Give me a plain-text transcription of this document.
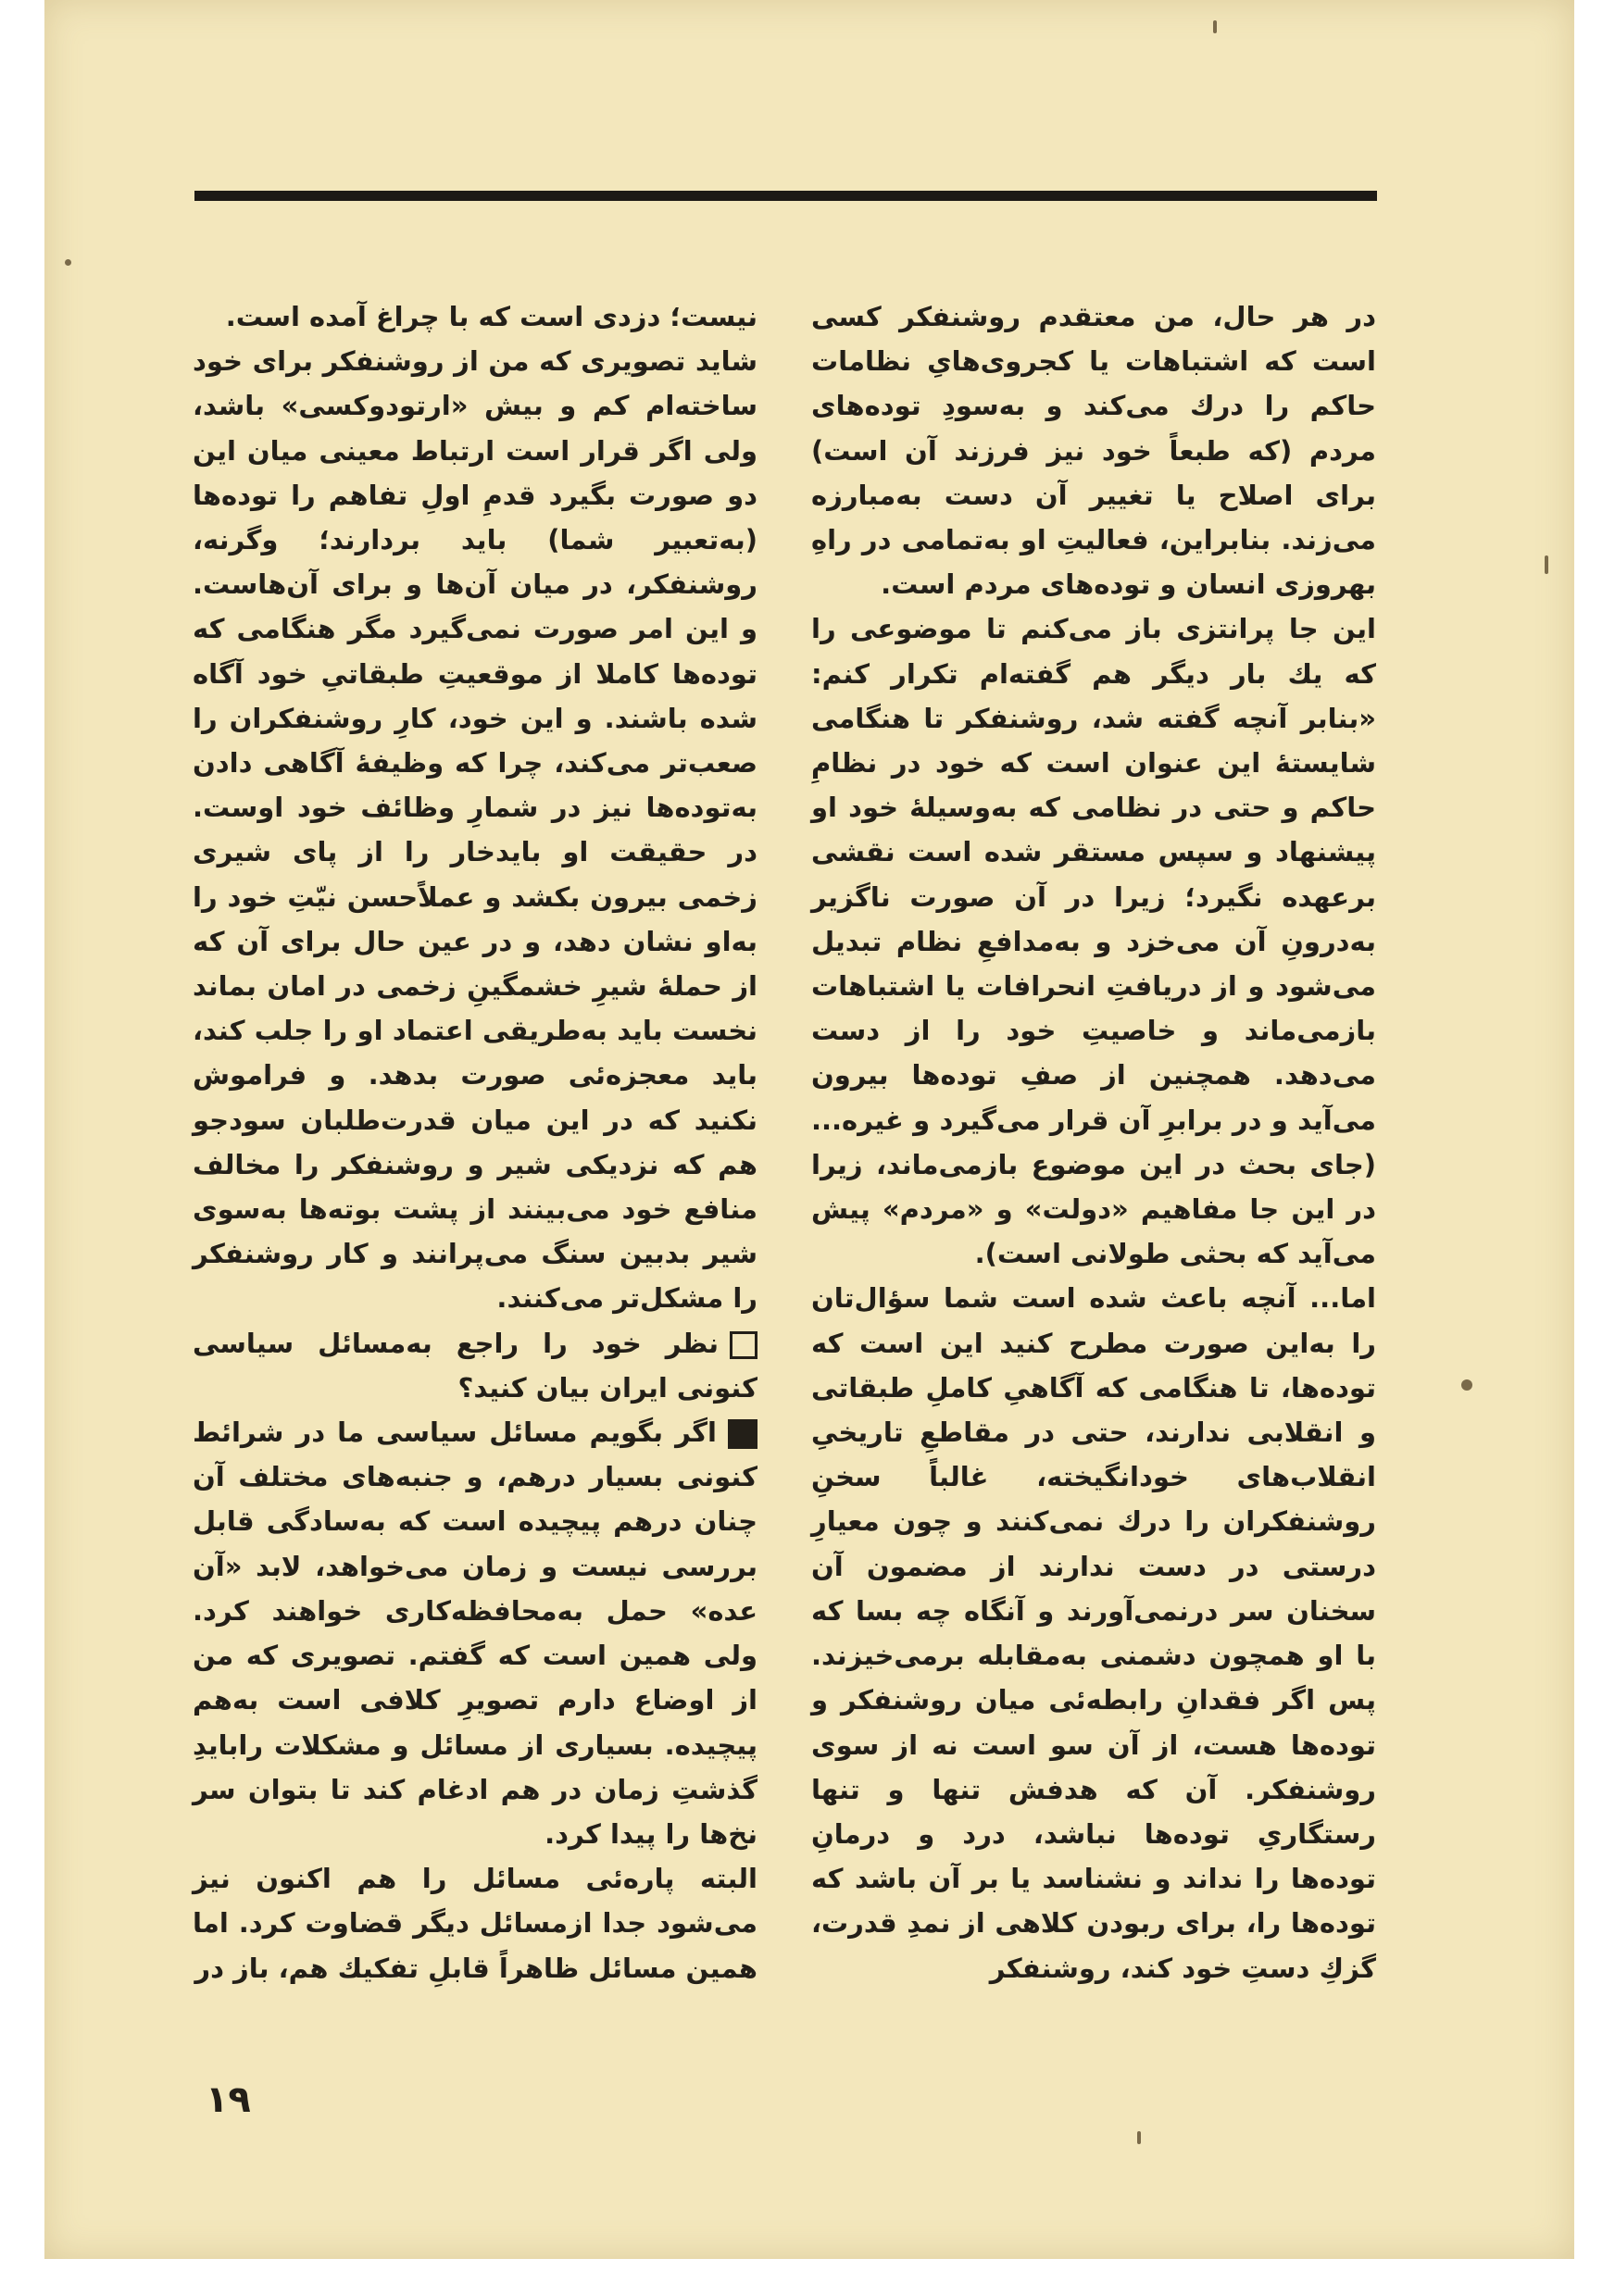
در هر حال، من معتقدم روشنفکر کسی است که اشتباهات یا کجروی‌هایِ نظامات حاکم را درك می‌کند و به‌سودِ توده‌های مردم (که طبعاً خود نیز فرزند آن است) برای اصلاح یا تغییر آن دست به‌مبارزه می‌زند. بنابراین، فعالیتِ او به‌تمامی در راهِ بهروزی انسان و توده‌های مردم است.

این جا پرانتزی باز می‌کنم تا موضوعی را که یك بار دیگر هم گفته‌ام تکرار کنم: «بنابر آنچه گفته شد، روشنفکر تا هنگامی شایستهٔ این عنوان است که خود در نظامِ حاکم و حتی در نظامی که به‌وسیلهٔ خود او پیشنهاد و سپس مستقر شده است نقشی برعهده نگیرد؛ زیرا در آن صورت ناگزیر به‌درونِ آن می‌خزد و به‌مدافعِ نظام تبدیل می‌شود و از دریافتِ انحرافات یا اشتباهات بازمی‌ماند و خاصیتِ خود را از دست می‌دهد. همچنین از صفِ توده‌ها بیرون می‌آید و در برابرِ آن قرار می‌گیرد و غیره... (جای بحث در این موضوع بازمی‌ماند، زیرا در این جا مفاهیم «دولت» و «مردم» پیش می‌آید که بحثی طولانی است).

اما... آنچه باعث شده است شما سؤال‌تان را به‌این صورت مطرح کنید این است که توده‌ها، تا هنگامی که آگاهیِ کاملِ طبقاتی و انقلابی ندارند، حتی در مقاطعِ تاریخیِ انقلاب‌های خودانگیخته، غالباً سخنِ روشنفکران را درك نمی‌کنند و چون معیارِ درستی در دست ندارند از مضمون آن سخنان سر درنمی‌آورند و آنگاه چه بسا که با او همچون دشمنی به‌مقابله برمی‌خیزند. پس اگر فقدانِ رابطه‌ئی میان روشنفکر و توده‌ها هست، از آن سو است نه از سوی روشنفکر. آن که هدفش تنها و تنها رستگاریِ توده‌ها نباشد، درد و درمانِ توده‌ها را نداند و نشناسد یا بر آن باشد که توده‌ها را، برای ربودن کلاهی از نمدِ قدرت، گزكِ دستِ خود کند، روشنفکر

نیست؛ دزدی است که با چراغ آمده است.

شاید تصویری که من از روشنفکر برای خود ساخته‌ام کم و بیش «ارتودوکسی» باشد، ولی اگر قرار است ارتباط معینی میان این دو صورت بگیرد قدمِ اولِ تفاهم را توده‌ها (به‌تعبیر شما) باید بردارند؛ وگرنه، روشنفکر، در میان آن‌ها و برای آن‌هاست. و این امر صورت نمی‌گیرد مگر هنگامی که توده‌ها کاملا از موقعیتِ طبقاتیِ خود آگاه شده باشند. و این خود، کارِ روشنفکران را صعب‌تر می‌کند، چرا که وظیفهٔ آگاهی دادن به‌توده‌ها نیز در شمارِ وظائف خود اوست. در حقیقت او بایدخار را از پای شیری زخمی بیرون بکشد و عملاًحسن نیّتِ خود را به‌او نشان دهد، و در عین حال برای آن که از حملهٔ شیرِ خشمگینِ زخمی در امان بماند نخست باید به‌طریقی اعتماد او را جلب کند، باید معجزه‌ئی صورت بدهد. و فراموش نکنید که در این میان قدرت‌طلبان سودجو هم که نزدیکی شیر و روشنفکر را مخالف منافع خود می‌بینند از پشت بوته‌ها به‌سوی شیر بدبین سنگ می‌پرانند و کار روشنفکر را مشکل‌تر می‌کنند.

نظر خود را راجع به‌مسائل سیاسی کنونی ایران بیان کنید؟

اگر بگویم مسائل سیاسی ما در شرائط کنونی بسیار درهم، و جنبه‌های مختلف آن چنان درهم پیچیده است که به‌سادگی قابل بررسی نیست و زمان می‌خواهد، لابد «آن عده» حمل به‌محافظه‌کاری خواهند کرد. ولی همین است که گفتم. تصویری که من از اوضاع دارم تصویرِ کلافی است به‌هم پیچیده. بسیاری از مسائل و مشکلات رابایدِ گذشتِ زمان در هم ادغام کند تا بتوان سر نخ‌ها را پیدا کرد.

البته پاره‌ئی مسائل را هم اکنون نیز می‌شود جدا ازمسائل دیگر قضاوت کرد. اما همین مسائل ظاهراً قابلِ تفکیك هم، باز در

۱۹
